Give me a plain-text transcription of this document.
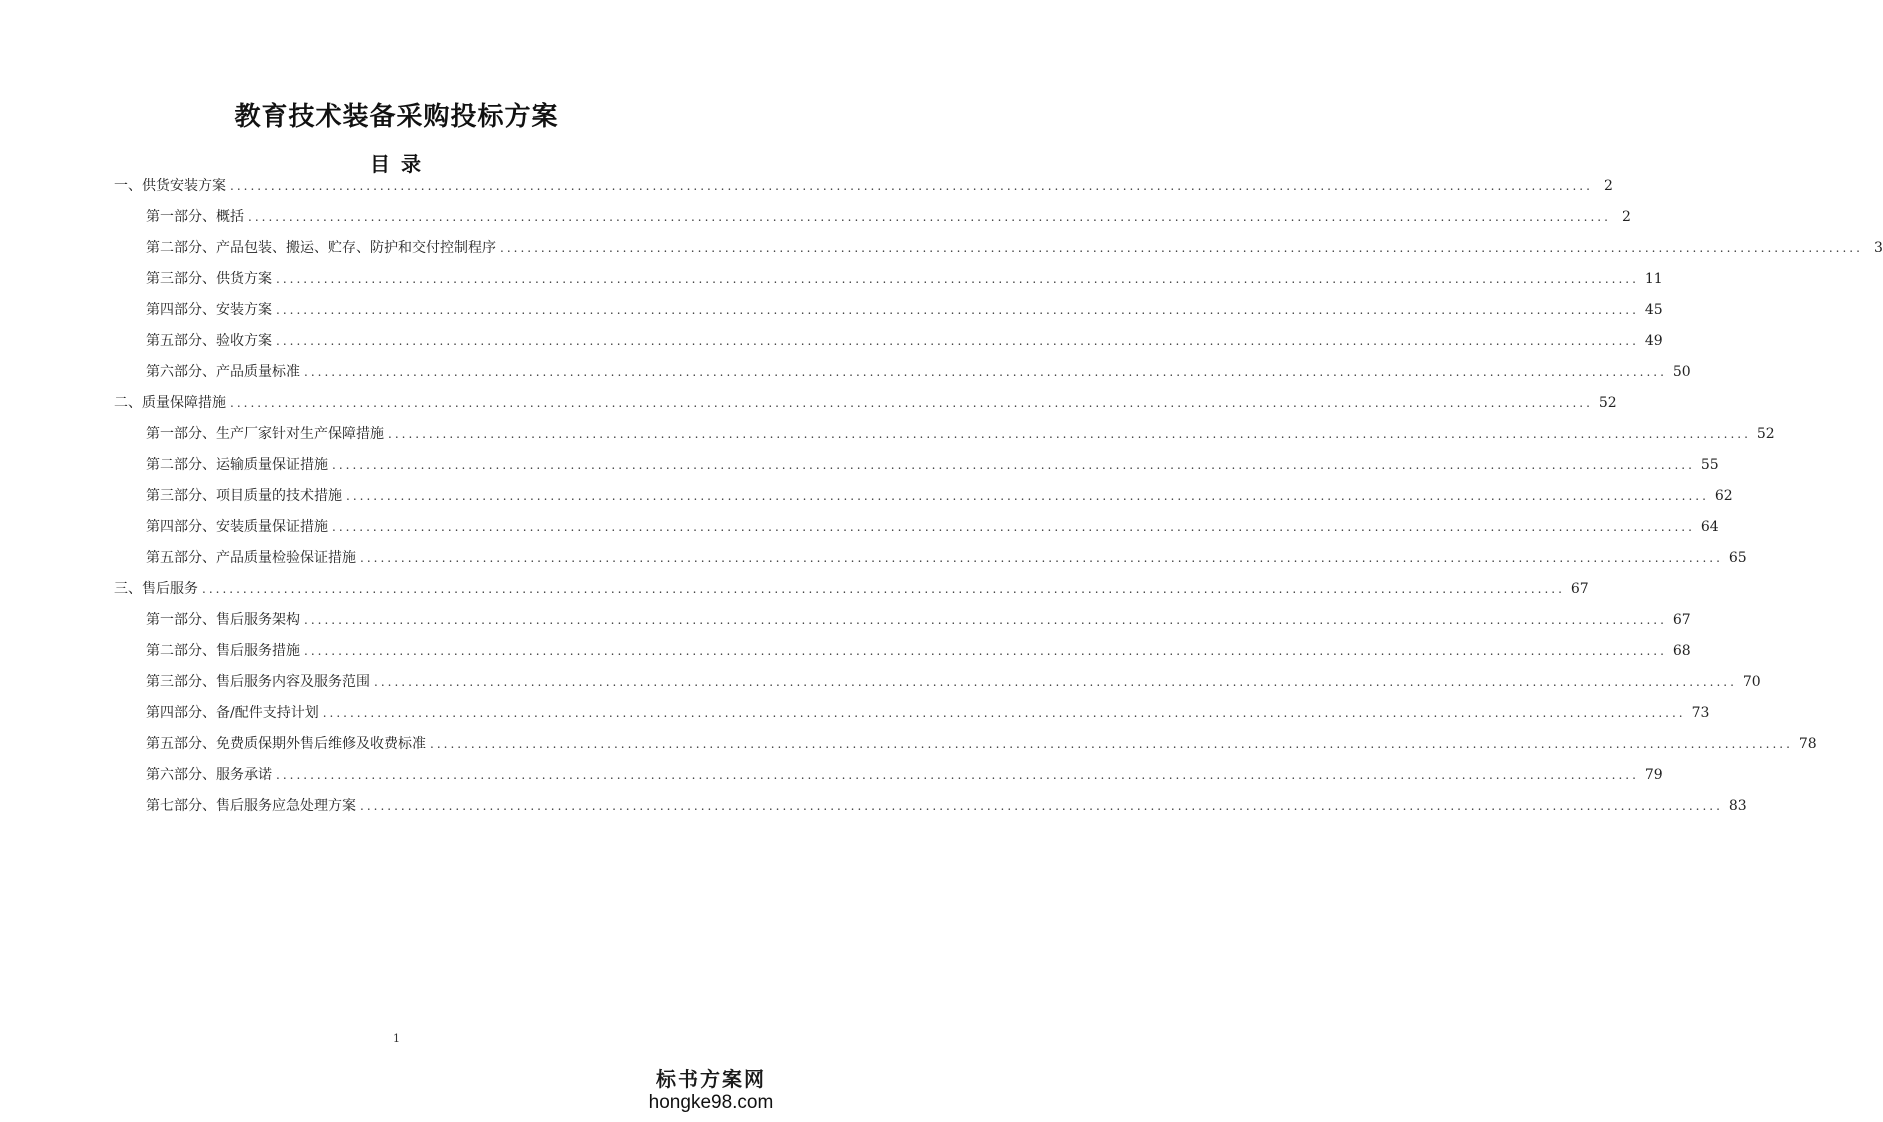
教育技术装备采购投标方案
目 录
一、供货安装方案 ........................................................................................................................................................................................................ 2
第一部分、概括 ........................................................................................................................................................................................................ 2
第二部分、产品包装、搬运、贮存、防护和交付控制程序 ........................................................................................................................................................................................................ 3
第三部分、供货方案 ........................................................................................................................................................................................................ 11
第四部分、安装方案 ........................................................................................................................................................................................................ 45
第五部分、验收方案 ........................................................................................................................................................................................................ 49
第六部分、产品质量标准 ........................................................................................................................................................................................................ 50
二、质量保障措施 ........................................................................................................................................................................................................ 52
第一部分、生产厂家针对生产保障措施 ........................................................................................................................................................................................................ 52
第二部分、运输质量保证措施 ........................................................................................................................................................................................................ 55
第三部分、项目质量的技术措施 ........................................................................................................................................................................................................ 62
第四部分、安装质量保证措施 ........................................................................................................................................................................................................ 64
第五部分、产品质量检验保证措施 ........................................................................................................................................................................................................ 65
三、售后服务 ........................................................................................................................................................................................................ 67
第一部分、售后服务架构 ........................................................................................................................................................................................................ 67
第二部分、售后服务措施 ........................................................................................................................................................................................................ 68
第三部分、售后服务内容及服务范围 ........................................................................................................................................................................................................ 70
第四部分、备/配件支持计划 ........................................................................................................................................................................................................ 73
第五部分、免费质保期外售后维修及收费标准 ........................................................................................................................................................................................................ 78
第六部分、服务承诺 ........................................................................................................................................................................................................ 79
第七部分、售后服务应急处理方案 ........................................................................................................................................................................................................ 83
1
标书方案网
hongke98.com
